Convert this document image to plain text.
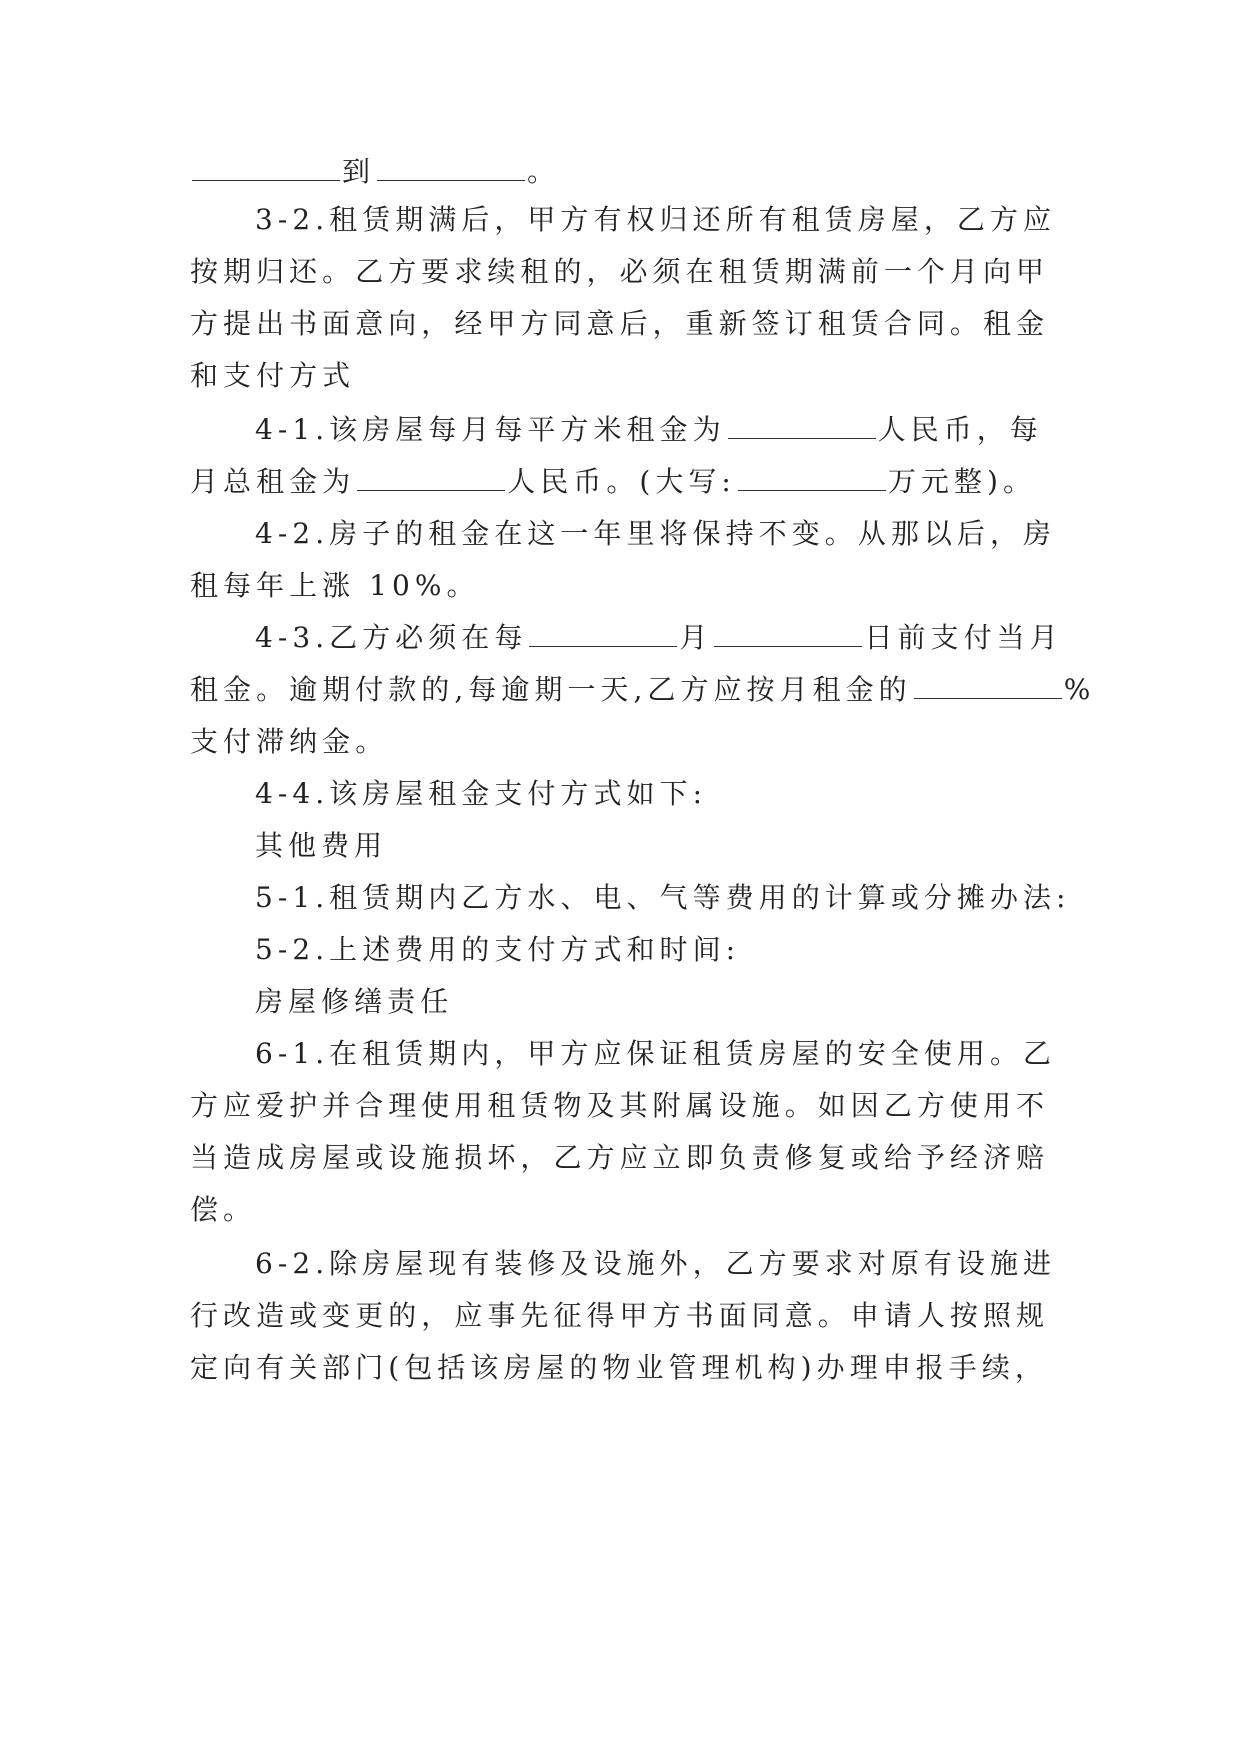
到	。
3-2.租赁期满后，甲方有权归还所有租赁房屋，乙方应
按期归还。乙方要求续租的，必须在租赁期满前一个月向甲
方提出书面意向，经甲方同意后，重新签订租赁合同。租金
和支付方式
4-1.该房屋每月每平方米租金为	人民币，每
月总租金为	人民币。(大写:	万元整)。
4-2.房子的租金在这一年里将保持不变。从那以后，房
租每年上涨 10%。
4-3.乙方必须在每	月	日前支付当月
租金。逾期付款的,每逾期一天,乙方应按月租金的	%
支付滞纳金。
4-4.该房屋租金支付方式如下:
其他费用
5-1.租赁期内乙方水、电、气等费用的计算或分摊办法:
5-2.上述费用的支付方式和时间:
房屋修缮责任
6-1.在租赁期内，甲方应保证租赁房屋的安全使用。乙
方应爱护并合理使用租赁物及其附属设施。如因乙方使用不
当造成房屋或设施损坏，乙方应立即负责修复或给予经济赔
偿。
6-2.除房屋现有装修及设施外，乙方要求对原有设施进
行改造或变更的，应事先征得甲方书面同意。申请人按照规
定向有关部门(包括该房屋的物业管理机构)办理申报手续，
